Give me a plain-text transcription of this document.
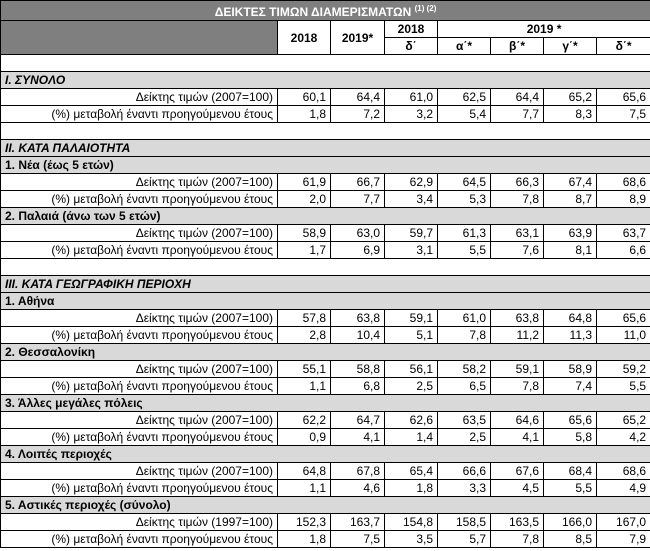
ΔΕΙΚΤΕΣ ΤΙΜΩΝ ΔΙΑΜΕΡΙΣΜΑΤΩΝ $^{(1) (2)}$
	2018	2019*	2018	2019 *			
			δ΄	α΄*	β΄*	γ΄*	δ΄*

I. ΣΥΝΟΛΟ							
Δείκτης τιμών (2007=100)	60,1	64,4	61,0	62,5	64,4	65,2	65,6
(%) μεταβολή έναντι προηγούμενου έτους	1,8	7,2	3,2	5,4	7,7	8,3	7,5

II. ΚΑΤΑ ΠΑΛΑΙΟΤΗΤΑ							
1. Νέα (έως 5 ετών)							
Δείκτης τιμών (2007=100)	61,9	66,7	62,9	64,5	66,3	67,4	68,6
(%) μεταβολή έναντι προηγούμενου έτους	2,0	7,7	3,4	5,3	7,8	8,7	8,9
2. Παλαιά (άνω των 5 ετών)							
Δείκτης τιμών (2007=100)	58,9	63,0	59,7	61,3	63,1	63,9	63,7
(%) μεταβολή έναντι προηγούμενου έτους	1,7	6,9	3,1	5,5	7,6	8,1	6,6

III. ΚΑΤΑ ΓΕΩΓΡΑΦΙΚΗ ΠΕΡΙΟΧΗ							
1. Αθήνα							
Δείκτης τιμών (2007=100)	57,8	63,8	59,1	61,0	63,8	64,8	65,6
(%) μεταβολή έναντι προηγούμενου έτους	2,8	10,4	5,1	7,8	11,2	11,3	11,0
2. Θεσσαλονίκη							
Δείκτης τιμών (2007=100)	55,1	58,8	56,1	58,2	59,1	58,9	59,2
(%) μεταβολή έναντι προηγούμενου έτους	1,1	6,8	2,5	6,5	7,8	7,4	5,5
3. Άλλες μεγάλες πόλεις							
Δείκτης τιμών (2007=100)	62,2	64,7	62,6	63,5	64,6	65,6	65,2
(%) μεταβολή έναντι προηγούμενου έτους	0,9	4,1	1,4	2,5	4,1	5,8	4,2
4. Λοιπές περιοχές							
Δείκτης τιμών (2007=100)	64,8	67,8	65,4	66,6	67,6	68,4	68,6
(%) μεταβολή έναντι προηγούμενου έτους	1,1	4,6	1,8	3,3	4,5	5,5	4,9
5. Αστικές περιοχές (σύνολο)							
Δείκτης τιμών (1997=100)	152,3	163,7	154,8	158,5	163,5	166,0	167,0
(%) μεταβολή έναντι προηγούμενου έτους	1,8	7,5	3,5	5,7	7,8	8,5	7,9
